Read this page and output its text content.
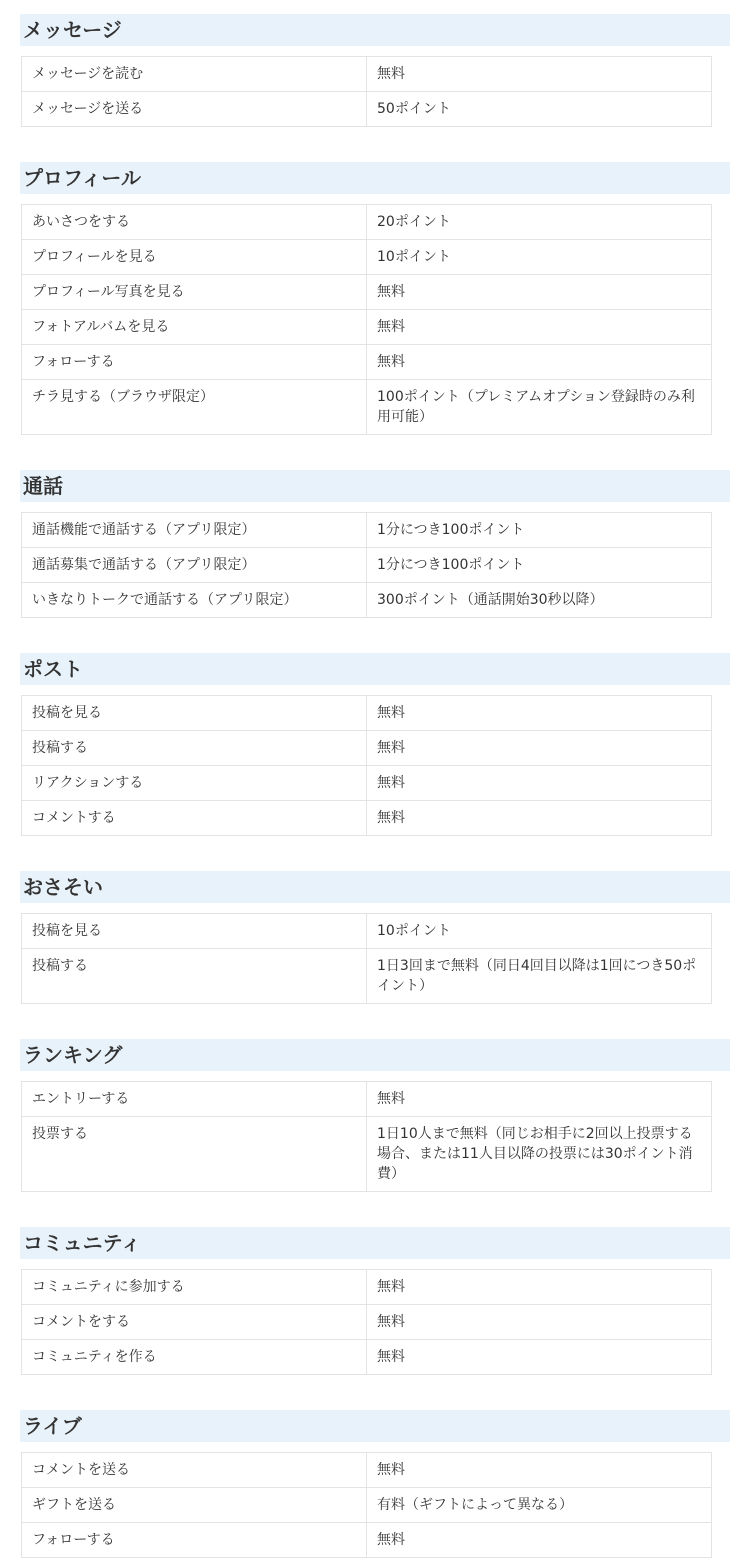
メッセージ
メッセージを読む	無料
メッセージを送る	50ポイント
プロフィール
あいさつをする	20ポイント
プロフィールを見る	10ポイント
プロフィール写真を見る	無料
フォトアルバムを見る	無料
フォローする	無料
チラ見する（ブラウザ限定）	100ポイント（プレミアムオプション登録時のみ利用可能）
通話
通話機能で通話する（アプリ限定）	1分につき100ポイント
通話募集で通話する（アプリ限定）	1分につき100ポイント
いきなりトークで通話する（アプリ限定）	300ポイント（通話開始30秒以降）
ポスト
投稿を見る	無料
投稿する	無料
リアクションする	無料
コメントする	無料
おさそい
投稿を見る	10ポイント
投稿する	1日3回まで無料（同日4回目以降は1回につき50ポイント）
ランキング
エントリーする	無料
投票する	1日10人まで無料（同じお相手に2回以上投票する場合、または11人目以降の投票には30ポイント消費）
コミュニティ
コミュニティに参加する	無料
コメントをする	無料
コミュニティを作る	無料
ライブ
コメントを送る	無料
ギフトを送る	有料（ギフトによって異なる）
フォローする	無料
